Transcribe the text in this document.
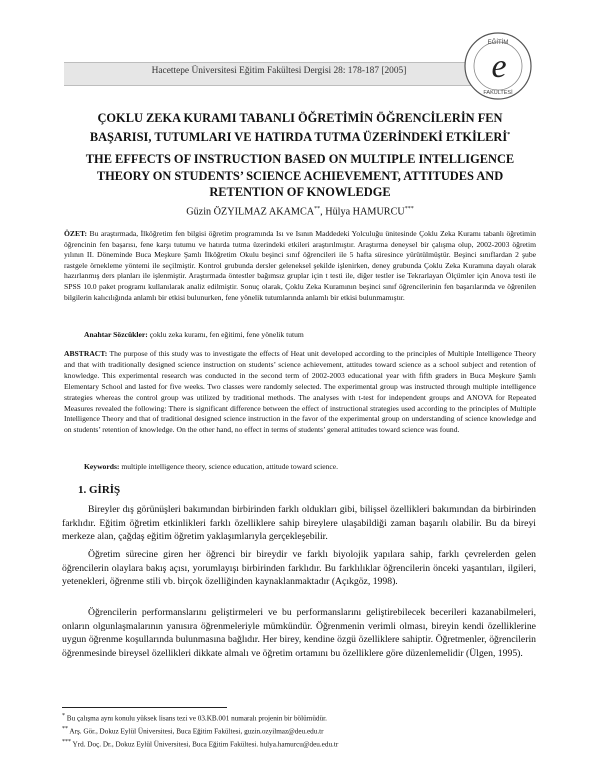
Hacettepe Üniversitesi Eğitim Fakültesi Dergisi 28: 178-187 [2005]
EĞİTİM
FAKÜLTESİ
e
ÇOKLU ZEKA KURAMI TABANLI ÖĞRETİMİN ÖĞRENCİLERİN FEN BAŞARISI, TUTUMLARI VE HATIRDA TUTMA ÜZERİNDEKİ ETKİLERİ*
THE EFFECTS OF INSTRUCTION BASED ON MULTIPLE INTELLIGENCE THEORY ON STUDENTS’ SCIENCE ACHIEVEMENT, ATTITUDES AND RETENTION OF KNOWLEDGE
Güzin ÖZYILMAZ AKAMCA**, Hülya HAMURCU***
ÖZET: Bu araştırmada, İlköğretim fen bilgisi öğretim programında Isı ve Isının Maddedeki Yolculuğu ünitesinde Çoklu Zeka Kuramı tabanlı öğretimin öğrencinin fen başarısı, fene karşı tutumu ve hatırda tutma üzerindeki etkileri araştırılmıştır. Araştırma deneysel bir çalışma olup, 2002-2003 öğretim yılının II. Döneminde Buca Meşkure Şamlı İlköğretim Okulu beşinci sınıf öğrencileri ile 5 hafta süresince yürütülmüştür. Beşinci sınıflardan 2 şube rastgele örnekleme yöntemi ile seçilmiştir. Kontrol grubunda dersler geleneksel şekilde işlenirken, deney grubunda Çoklu Zeka Kuramına dayalı olarak hazırlanmış ders planları ile işlenmiştir. Araştırmada öntestler bağımsız gruplar için t testi ile, diğer testler ise Tekrarlayan Ölçümler için Anova testi ile SPSS 10.0 paket programı kullanılarak analiz edilmiştir. Sonuç olarak, Çoklu Zeka Kuramının beşinci sınıf öğrencilerinin fen başarılarında ve öğrenilen bilgilerin kalıcılığında anlamlı bir etkisi bulunurken, fene yönelik tutumlarında anlamlı bir etkisi bulunmamıştır.
Anahtar Sözcükler: çoklu zeka kuramı, fen eğitimi, fene yönelik tutum
ABSTRACT: The purpose of this study was to investigate the effects of Heat unit developed according to the principles of Multiple Intelligence Theory and that with traditionally designed science instruction on students’ science achievement, attitudes toward science as a school subject and retention of knowledge. This experimental research was conducted in the second term of 2002-2003 educational year with fifth graders in Buca Meşkure Şamlı Elementary School and lasted for five weeks. Two classes were randomly selected. The experimental group was instructed through multiple intelligence strategies whereas the control group was utilized by traditional methods. The analyses with t-test for independent groups and ANOVA for Repeated Measures revealed the following: There is significant difference between the effect of instructional strategies used according to the principles of Multiple Intelligence Theory and that of traditional designed science instruction in the favor of the experimental group on understanding of science knowledge and on students’ retention of knowledge. On the other hand, no effect in terms of students’ general attitudes toward science was found.
Keywords: multiple intelligence theory, science education, attitude toward science.
1. GİRİŞ
Bireyler dış görünüşleri bakımından birbirinden farklı oldukları gibi, bilişsel özellikleri bakımından da birbirinden farklıdır. Eğitim öğretim etkinlikleri farklı özelliklere sahip bireylere ulaşabildiği zaman başarılı olabilir. Bu da bireyi merkeze alan, çağdaş eğitim öğretim yaklaşımlarıyla gerçekleşebilir.
Öğretim sürecine giren her öğrenci bir bireydir ve farklı biyolojik yapılara sahip, farklı çevrelerden gelen öğrencilerin olaylara bakış açısı, yorumlayışı birbirinden farklıdır. Bu farklılıklar öğrencilerin önceki yaşantıları, ilgileri, yetenekleri, öğrenme stili vb. birçok özelliğinden kaynaklanmaktadır (Açıkgöz, 1998).
Öğrencilerin performanslarını geliştirmeleri ve bu performanslarını geliştirebilecek becerileri kazanabilmeleri, onların olgunlaşmalarının yanısıra öğrenmeleriyle mümkündür. Öğrenmenin verimli olması, bireyin kendi özelliklerine uygun öğrenme koşullarında bulunmasına bağlıdır. Her birey, kendine özgü özelliklere sahiptir. Öğretmenler, öğrencilerin öğrenmesinde bireysel özellikleri dikkate almalı ve öğretim ortamını bu özelliklere göre düzenlemelidir (Ülgen, 1995).
* Bu çalışma aynı konulu yüksek lisans tezi ve 03.KB.001 numaralı projenin bir bölümüdür.
** Arş. Gör., Dokuz Eylül Üniversitesi, Buca Eğitim Fakültesi, guzin.ozyilmaz@deu.edu.tr
*** Yrd. Doç. Dr., Dokuz Eylül Üniversitesi, Buca Eğitim Fakültesi. hulya.hamurcu@deu.edu.tr
